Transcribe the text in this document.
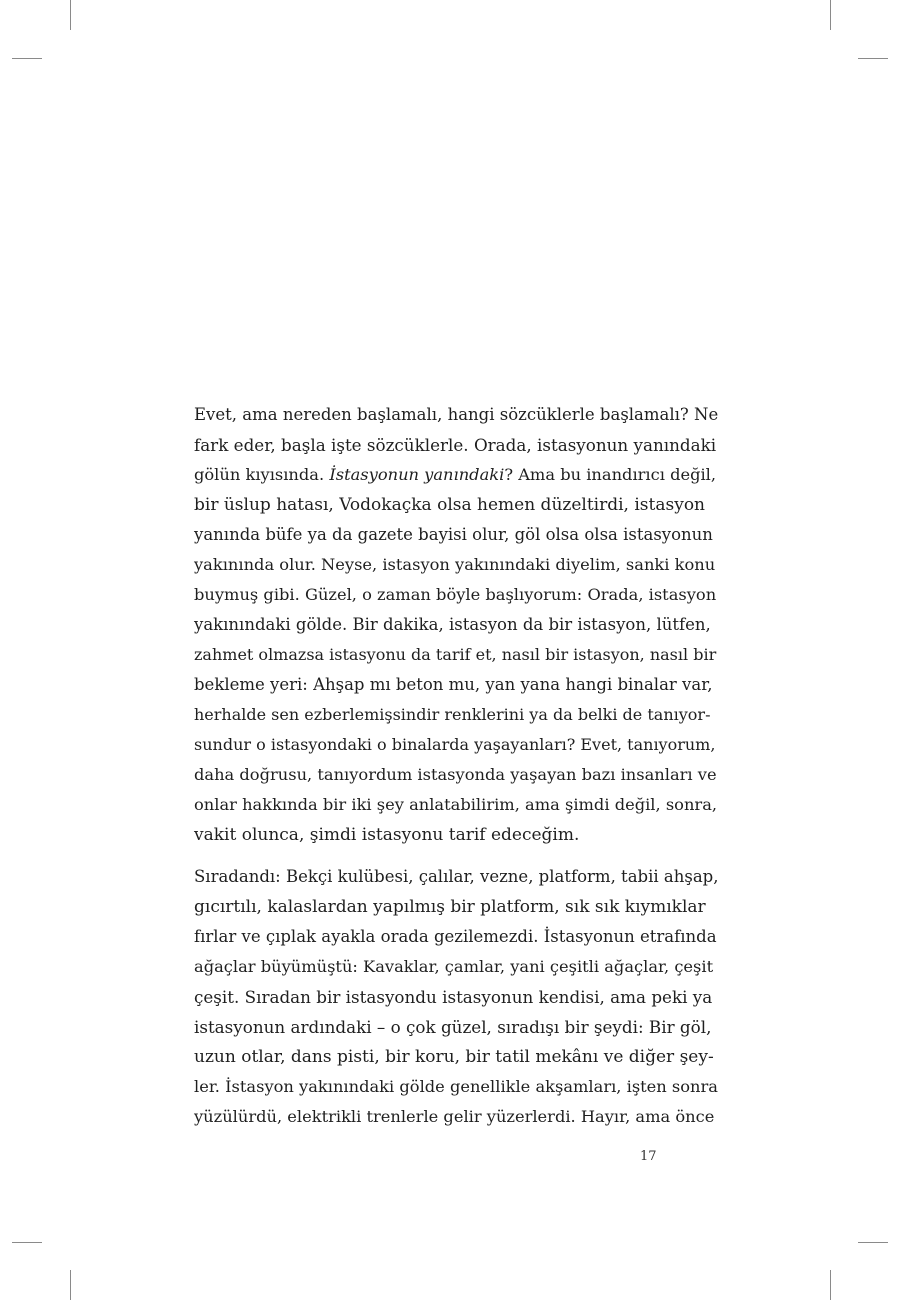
Evet, ama nereden başlamalı, hangi sözcüklerle başlamalı? Ne
fark eder, başla işte sözcüklerle. Orada, istasyonun yanındaki
gölün kıyısında. İstasyonun yanındaki? Ama bu inandırıcı değil,
bir üslup hatası, Vodokaçka olsa hemen düzeltirdi, istasyon
yanında büfe ya da gazete bayisi olur, göl olsa olsa istasyonun
yakınında olur. Neyse, istasyon yakınındaki diyelim, sanki konu
buymuş gibi. Güzel, o zaman böyle başlıyorum: Orada, istasyon
yakınındaki gölde. Bir dakika, istasyon da bir istasyon, lütfen,
zahmet olmazsa istasyonu da tarif et, nasıl bir istasyon, nasıl bir
bekleme yeri: Ahşap mı beton mu, yan yana hangi binalar var,
herhalde sen ezberlemişsindir renklerini ya da belki de tanıyor-
sundur o istasyondaki o binalarda yaşayanları? Evet, tanıyorum,
daha doğrusu, tanıyordum istasyonda yaşayan bazı insanları ve
onlar hakkında bir iki şey anlatabilirim, ama şimdi değil, sonra,
vakit olunca, şimdi istasyonu tarif edeceğim.
Sıradandı: Bekçi kulübesi, çalılar, vezne, platform, tabii ahşap,
gıcırtılı, kalaslardan yapılmış bir platform, sık sık kıymıklar
fırlar ve çıplak ayakla orada gezilemezdi. İstasyonun etrafında
ağaçlar büyümüştü: Kavaklar, çamlar, yani çeşitli ağaçlar, çeşit
çeşit. Sıradan bir istasyondu istasyonun kendisi, ama peki ya
istasyonun ardındaki – o çok güzel, sıradışı bir şeydi: Bir göl,
uzun otlar, dans pisti, bir koru, bir tatil mekânı ve diğer şey-
ler. İstasyon yakınındaki gölde genellikle akşamları, işten sonra
yüzülürdü, elektrikli trenlerle gelir yüzerlerdi. Hayır, ama önce
17
